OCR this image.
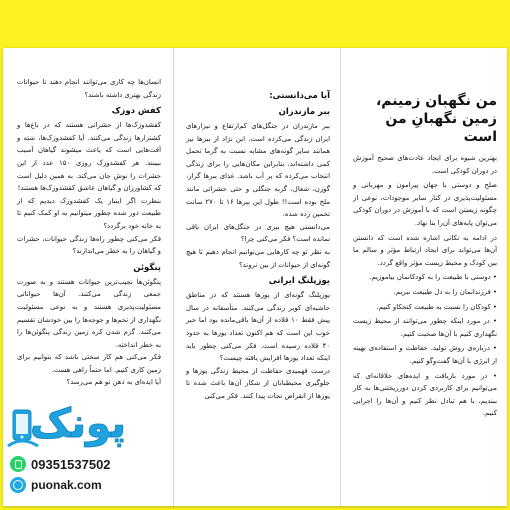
من نگهبان زمینم،
زمین نگهبانِ من است

بهترین شیوه برای ایجاد عادت‌های صحیح آموزش در دوران کودکی است.

صلح و دوستی با جهان پیرامون و مهربانی و مسئولیت‌پذیری در کنار سایر موجودات، نوعی از چگونه زیستن است که با آموزش در دوران کودکی می‌توان پایه‌های آن‌را بنا نهاد.

در ادامه به نکاتی اشاره شده است که دانستن آن‌ها می‌تواند برای ایجاد ارتباط مؤثر و سالم ما بین کودک و محیط زیست مؤثر واقع گردد.

• دوستی با طبیعت را به کودکانمان بیاموزیم.

• فرزندانمان را به دل طبیعت ببریم.

• کودکان را نسبت به طبیعت کنجکاو کنیم.

• در مورد اینکه چطور می‌توانند از محیط زیست نگهداری کنیم با آن‌ها صحبت کنیم.

• درباره‌ی روش تولید، حفاظت و استفاده‌ی بهینه از انرژی با آن‌ها گفت‌و‌گو کنیم.

• در مورد بازیافت و ایده‌های خلاقانه‌ای که می‌توانیم برای کاربردی کردن دورریختنی‌ها به کار ببندیم، با هم تبادل نظر کنیم و آن‌ها را اجرایی کنیم.

آیا می‌دانستی:
ببر مازندران

ببر مازندران در جنگل‌های کم‌ارتفاع و نیزارهای ایران زندگی می‌کرده است. این نژاد از ببرها نیز همانند سایر گونه‌های مشابه نسبت به گرما تحمل کمی داشته‌اند. بنابراین مکان‌هایی را برای زندگی انتخاب می‌کرده که پر آب باشد. غذای ببرها گراز، گوزن، شغال، گربه جنگلی و حتی حشراتی مانند ملخ بوده است!! طول این ببرها ۱۶ تا ۲۷۰ سانت تخمین زده شده.
می‌دانستی هیچ ببری در جنگل‌های ایران باقی نمانده است؟ فکر می‌کنی چرا؟
به نظر تو چه کارهایی می‌توانیم انجام دهیم تا هیچ گونه‌ای از حیوانات از بین نروند؟

یوزپلنگ ایرانی

یوزپلنگ گونه‌ای از یوزها هستند که در مناطق حاشیه‌ای کویر زندگی می‌کنند. متأسفانه در سال پیش فقط ۱۰ قلاده از آن‌ها باقی‌مانده بود اما خبر خوب این است که هم اکنون تعداد یوزها به حدود ۴۰ قلاده رسیده است. فکر می‌کنی چطور باید اینکه تعداد یوزها افزایش یافته چیست؟
درست فهمیدی حفاظت از محیط زندگی یوزها و جلوگیری محیطبانان از شکار آن‌ها باعث شده تا یوزها از انقراض نجات پیدا کنند. فکر می‌کنی

انسان‌ها چه کاری می‌توانند انجام دهند تا حیوانات زندگی بهتری داشته باشند؟

کفش دوزک

کفشدوزک‌ها از حشراتی هستند که در باغ‌ها و کشتزارها زندگی می‌کنند. آیا کفشدوزک‌ها، شته و آفت‌هایی است که باعث میشوند گیاهان آسیب ببینند. هر کفشدوزک روزی ۱۵۰ عدد از این حشرات را نوش جان می‌کند. به همین دلیل است که کشاورزان و گیاهان عاشق کفشدوزک‌ها هستند!
بنظرت اگر اینبار یک کفشدوزک دیدیم که از طبیعت دور شده چطور میتوانیم به او کمک کنیم تا به خانه خود برگردد؟
فکر می‌کنی چطور راه‌ها زندگی حیوانات، حشرات و گیاهان را به خطر می‌اندازند؟

پنگوئن

پنگوئن‌ها نجیب‌ترین حیوانات هستند و به صورت جمعی زندگی می‌کنند. آن‌ها حیواناتی مسئولیت‌پذیری هستند و به نوعی مسئولیت نگهداری از تخم‌ها و جوجه‌ها را بین خودشان تقسیم می‌کنند. گرم شدن کره زمین زندگی پنگوئن‌ها را به خطر انداخته.
فکر می‌کنی هم کار سختی باشد که بتوانیم برای زمین کاری کنیم. اما حتماً راهی هست.
آیا ایده‌ای به ذهن تو هم می‌رسد؟

پونک
09351537502
puonak.com
